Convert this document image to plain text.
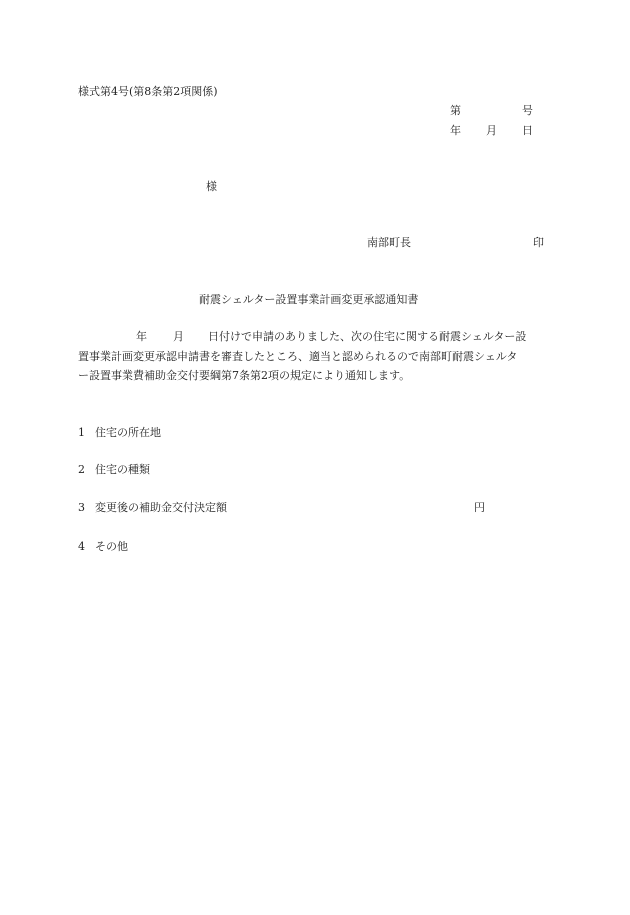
様式第4号(第8条第2項関係)
第	号
年 月 日
様
南部町長	印
耐震シェルター設置事業計画変更承認通知書
年 月 日付けで申請のありました、次の住宅に関する耐震シェルター設
置事業計画変更承認申請書を審査したところ、適当と認められるので南部町耐震シェルタ
ー設置事業費補助金交付要綱第7条第2項の規定により通知します。
1 住宅の所在地
2 住宅の種類
3 変更後の補助金交付決定額	円
4 その他
